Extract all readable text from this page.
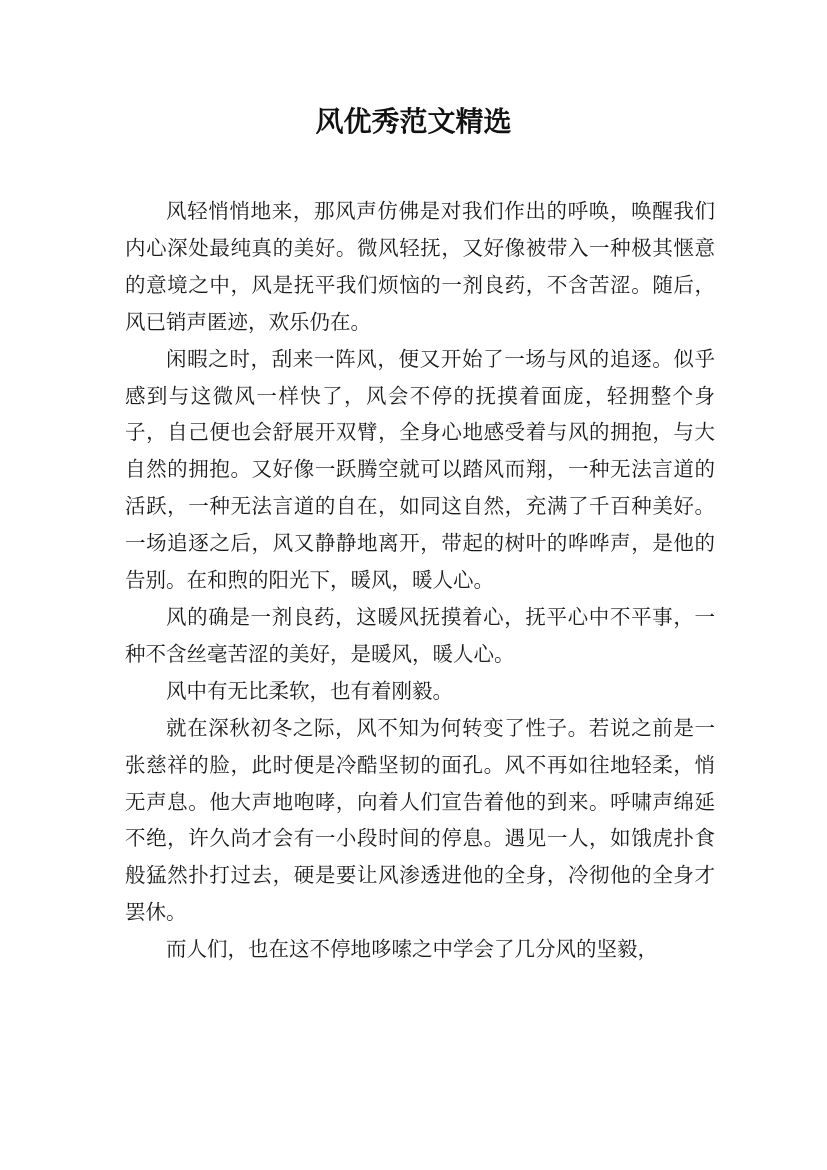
风优秀范文精选

风轻悄悄地来，那风声仿佛是对我们作出的呼唤，唤醒我们内心深处最纯真的美好。微风轻抚，又好像被带入一种极其惬意的意境之中，风是抚平我们烦恼的一剂良药，不含苦涩。随后，风已销声匿迹，欢乐仍在。

闲暇之时，刮来一阵风，便又开始了一场与风的追逐。似乎感到与这微风一样快了，风会不停的抚摸着面庞，轻拥整个身子，自己便也会舒展开双臂，全身心地感受着与风的拥抱，与大自然的拥抱。又好像一跃腾空就可以踏风而翔，一种无法言道的活跃，一种无法言道的自在，如同这自然，充满了千百种美好。一场追逐之后，风又静静地离开，带起的树叶的哗哗声，是他的告别。在和煦的阳光下，暖风，暖人心。

风的确是一剂良药，这暖风抚摸着心，抚平心中不平事，一种不含丝毫苦涩的美好，是暖风，暖人心。

风中有无比柔软，也有着刚毅。

就在深秋初冬之际，风不知为何转变了性子。若说之前是一张慈祥的脸，此时便是冷酷坚韧的面孔。风不再如往地轻柔，悄无声息。他大声地咆哮，向着人们宣告着他的到来。呼啸声绵延不绝，许久尚才会有一小段时间的停息。遇见一人，如饿虎扑食般猛然扑打过去，硬是要让风渗透进他的全身，冷彻他的全身才罢休。

而人们，也在这不停地哆嗦之中学会了几分风的坚毅，
